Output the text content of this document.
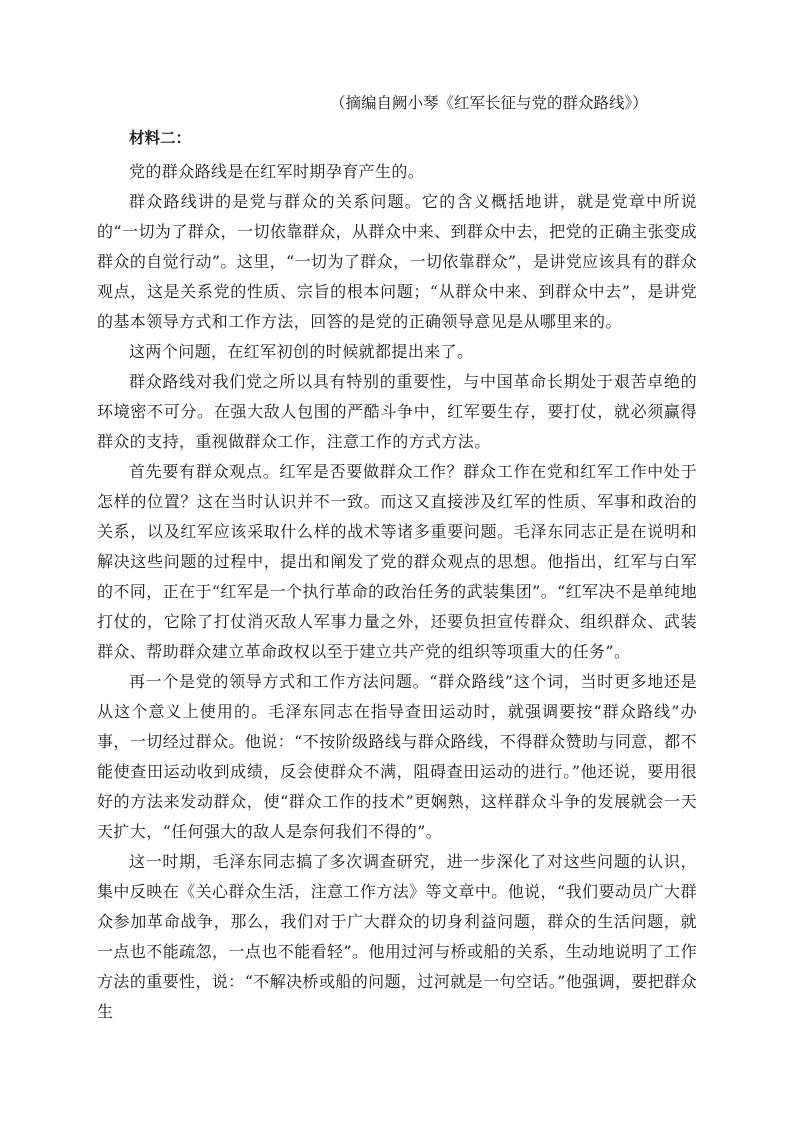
（摘编自阙小琴《红军长征与党的群众路线》）
材料二：

党的群众路线是在红军时期孕育产生的。

群众路线讲的是党与群众的关系问题。它的含义概括地讲，就是党章中所说的“一切为了群众，一切依靠群众，从群众中来、到群众中去，把党的正确主张变成群众的自觉行动”。这里，“一切为了群众，一切依靠群众”，是讲党应该具有的群众观点，这是关系党的性质、宗旨的根本问题；“从群众中来、到群众中去”，是讲党的基本领导方式和工作方法，回答的是党的正确领导意见是从哪里来的。

这两个问题，在红军初创的时候就都提出来了。

群众路线对我们党之所以具有特别的重要性，与中国革命长期处于艰苦卓绝的环境密不可分。在强大敌人包围的严酷斗争中，红军要生存，要打仗，就必须赢得群众的支持，重视做群众工作，注意工作的方式方法。

首先要有群众观点。红军是否要做群众工作？群众工作在党和红军工作中处于怎样的位置？这在当时认识并不一致。而这又直接涉及红军的性质、军事和政治的关系，以及红军应该采取什么样的战术等诸多重要问题。毛泽东同志正是在说明和解决这些问题的过程中，提出和阐发了党的群众观点的思想。他指出，红军与白军的不同，正在于“红军是一个执行革命的政治任务的武装集团”。“红军决不是单纯地打仗的，它除了打仗消灭敌人军事力量之外，还要负担宣传群众、组织群众、武装群众、帮助群众建立革命政权以至于建立共产党的组织等项重大的任务”。

再一个是党的领导方式和工作方法问题。“群众路线”这个词，当时更多地还是从这个意义上使用的。毛泽东同志在指导查田运动时，就强调要按“群众路线”办事，一切经过群众。他说：“不按阶级路线与群众路线，不得群众赞助与同意，都不能使查田运动收到成绩，反会使群众不满，阻碍查田运动的进行。”他还说，要用很好的方法来发动群众，使“群众工作的技术”更娴熟，这样群众斗争的发展就会一天天扩大，“任何强大的敌人是奈何我们不得的”。

这一时期，毛泽东同志搞了多次调查研究，进一步深化了对这些问题的认识，集中反映在《关心群众生活，注意工作方法》等文章中。他说，“我们要动员广大群众参加革命战争，那么，我们对于广大群众的切身利益问题，群众的生活问题，就一点也不能疏忽，一点也不能看轻”。他用过河与桥或船的关系，生动地说明了工作方法的重要性，说：“不解决桥或船的问题，过河就是一句空话。”他强调，要把群众生
